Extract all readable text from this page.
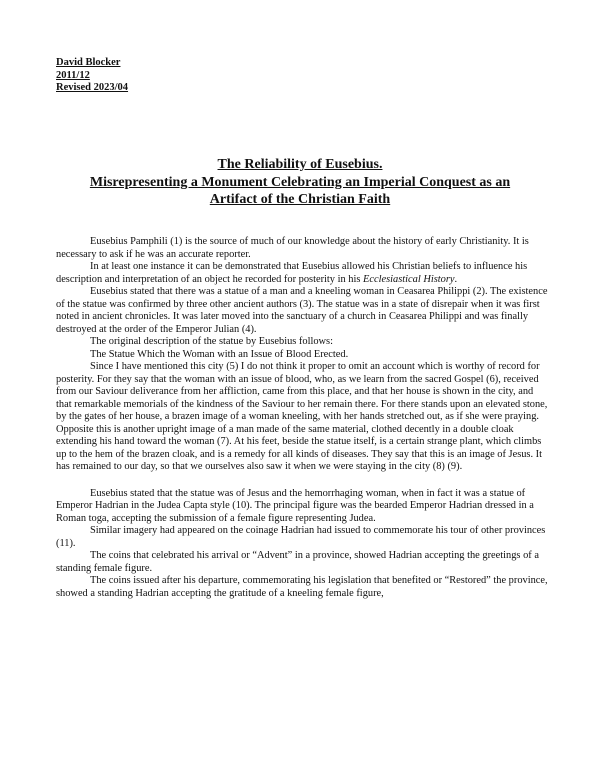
David Blocker
2011/12
Revised 2023/04
The Reliability of Eusebius.
Misrepresenting a Monument Celebrating an Imperial Conquest as an
Artifact of the Christian Faith

Eusebius Pamphili (1) is the source of much of our knowledge about the history of early Christianity. It is necessary to ask if he was an accurate reporter.

In at least one instance it can be demonstrated that Eusebius allowed his Christian beliefs to influence his description and interpretation of an object he recorded for posterity in his Ecclesiastical History.

Eusebius stated that there was a statue of a man and a kneeling woman in Ceasarea Philippi (2). The existence of the statue was confirmed by three other ancient authors (3). The statue was in a state of disrepair when it was first noted in ancient chronicles. It was later moved into the sanctuary of a church in Ceasarea Philippi and was finally destroyed at the order of the Emperor Julian (4).

The original description of the statue by Eusebius follows:

The Statue Which the Woman with an Issue of Blood Erected.

Since I have mentioned this city (5) I do not think it proper to omit an account which is worthy of record for posterity. For they say that the woman with an issue of blood, who, as we learn from the sacred Gospel (6), received from our Saviour deliverance from her affliction, came from this place, and that her house is shown in the city, and that remarkable memorials of the kindness of the Saviour to her remain there. For there stands upon an elevated stone, by the gates of her house, a brazen image of a woman kneeling, with her hands stretched out, as if she were praying. Opposite this is another upright image of a man made of the same material, clothed decently in a double cloak extending his hand toward the woman (7). At his feet, beside the statue itself, is a certain strange plant, which climbs up to the hem of the brazen cloak, and is a remedy for all kinds of diseases. They say that this is an image of Jesus. It has remained to our day, so that we ourselves also saw it when we were staying in the city (8) (9).

Eusebius stated that the statue was of Jesus and the hemorrhaging woman, when in fact it was a statue of Emperor Hadrian in the Judea Capta style (10). The principal figure was the bearded Emperor Hadrian dressed in a Roman toga, accepting the submission of a female figure representing Judea.

Similar imagery had appeared on the coinage Hadrian had issued to commemorate his tour of other provinces (11).

The coins that celebrated his arrival or “Advent” in a province, showed Hadrian accepting the greetings of a standing female figure.

The coins issued after his departure, commemorating his legislation that benefited or “Restored” the province, showed a standing Hadrian accepting the gratitude of a kneeling female figure,
